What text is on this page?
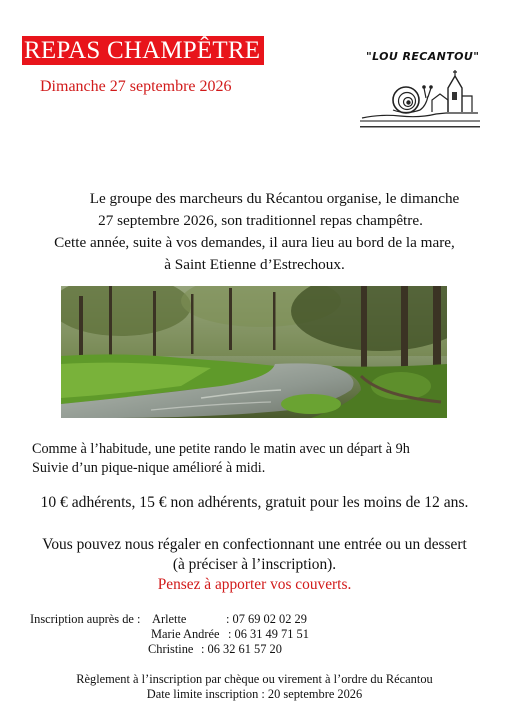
REPAS CHAMPÊTRE
Dimanche 27 septembre 2026
"LOU RECANTOU"
Le groupe des marcheurs du Récantou organise, le dimanche
27 septembre 2026, son traditionnel repas champêtre.
Cette année, suite à vos demandes, il aura lieu au bord de la mare,
à Saint Etienne d’Estrechoux.
Comme à l’habitude, une petite rando le matin avec un départ à 9h
Suivie d’un pique-nique amélioré à midi.
10 € adhérents, 15 € non adhérents, gratuit pour les moins de 12 ans.
Vous pouvez nous régaler en confectionnant une entrée ou un dessert
(à préciser à l’inscription).
Pensez à apporter vos couverts.
Inscription auprès de : Arlette	: 07 69 02 02 29
Marie Andrée : 06 31 49 71 51
Christine : 06 32 61 57 20
Règlement à l’inscription par chèque ou virement à l’ordre du Récantou
Date limite inscription : 20 septembre 2026
